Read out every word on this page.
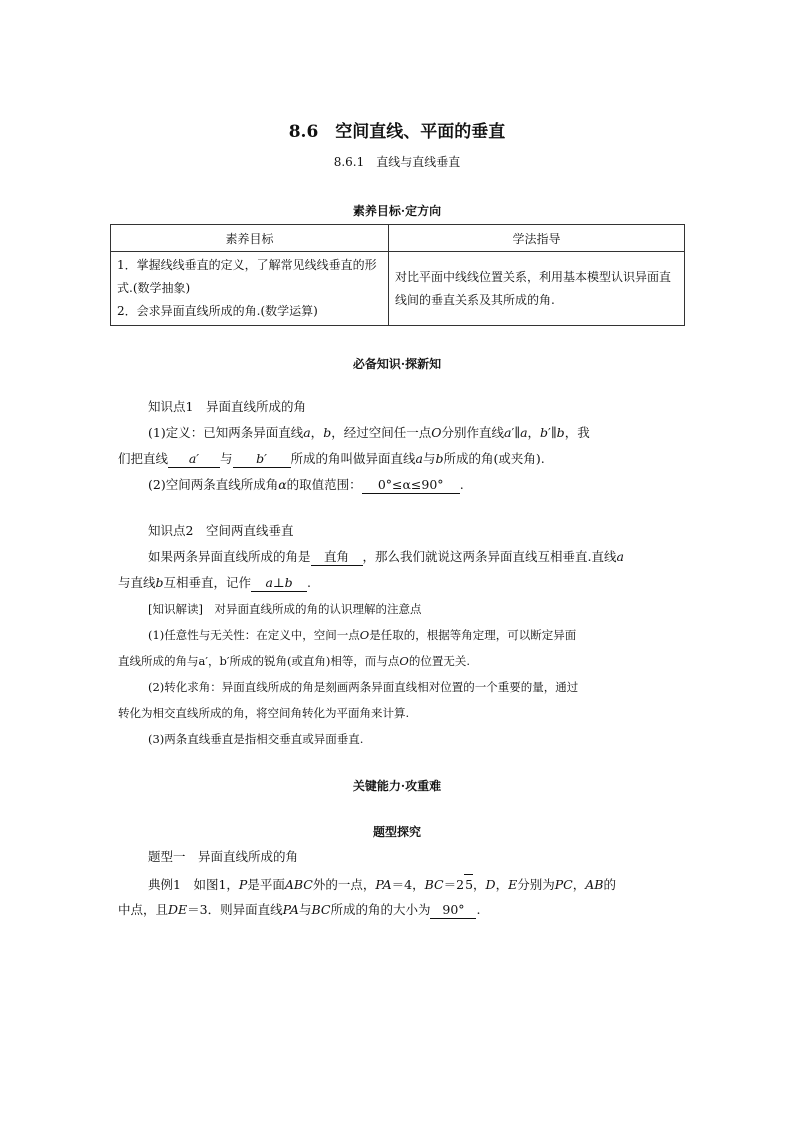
8.6　空间直线、平面的垂直
8.6.1　直线与直线垂直
素养目标·定方向
素养目标	学法指导

1．掌握线线垂直的定义，了解常见线线垂直的形式.(数学抽象)
2．会求异面直线所成的角.(数学运算)	对比平面中线线位置关系，利用基本模型认识异面直线间的垂直关系及其所成的角.
必备知识·探新知
知识点1　异面直线所成的角
(1)定义：已知两条异面直线a，b，经过空间任一点O分别作直线a′∥a，b′∥b，我
们把直线 a′ 与 b′ 所成的角叫做异面直线a与b所成的角(或夹角).
(2)空间两条直线所成角α的取值范围： 0°≤α≤90° .
知识点2　空间两直线垂直
如果两条异面直线所成的角是 直角 ，那么我们就说这两条异面直线互相垂直.直线a
与直线b互相垂直，记作 a⊥b .
[知识解读]　对异面直线所成的角的认识理解的注意点
(1)任意性与无关性：在定义中，空间一点O是任取的，根据等角定理，可以断定异面
直线所成的角与a′，b′所成的锐角(或直角)相等，而与点O的位置无关.
(2)转化求角：异面直线所成的角是刻画两条异面直线相对位置的一个重要的量，通过
转化为相交直线所成的角，将空间角转化为平面角来计算.
(3)两条直线垂直是指相交垂直或异面垂直.
关键能力·攻重难
题型探究
题型一　异面直线所成的角
典例1　如图1，P是平面ABC外的一点，PA＝4，BC＝25，D，E分别为PC，AB的
中点，且DE＝3．则异面直线PA与BC所成的角的大小为 90° .
